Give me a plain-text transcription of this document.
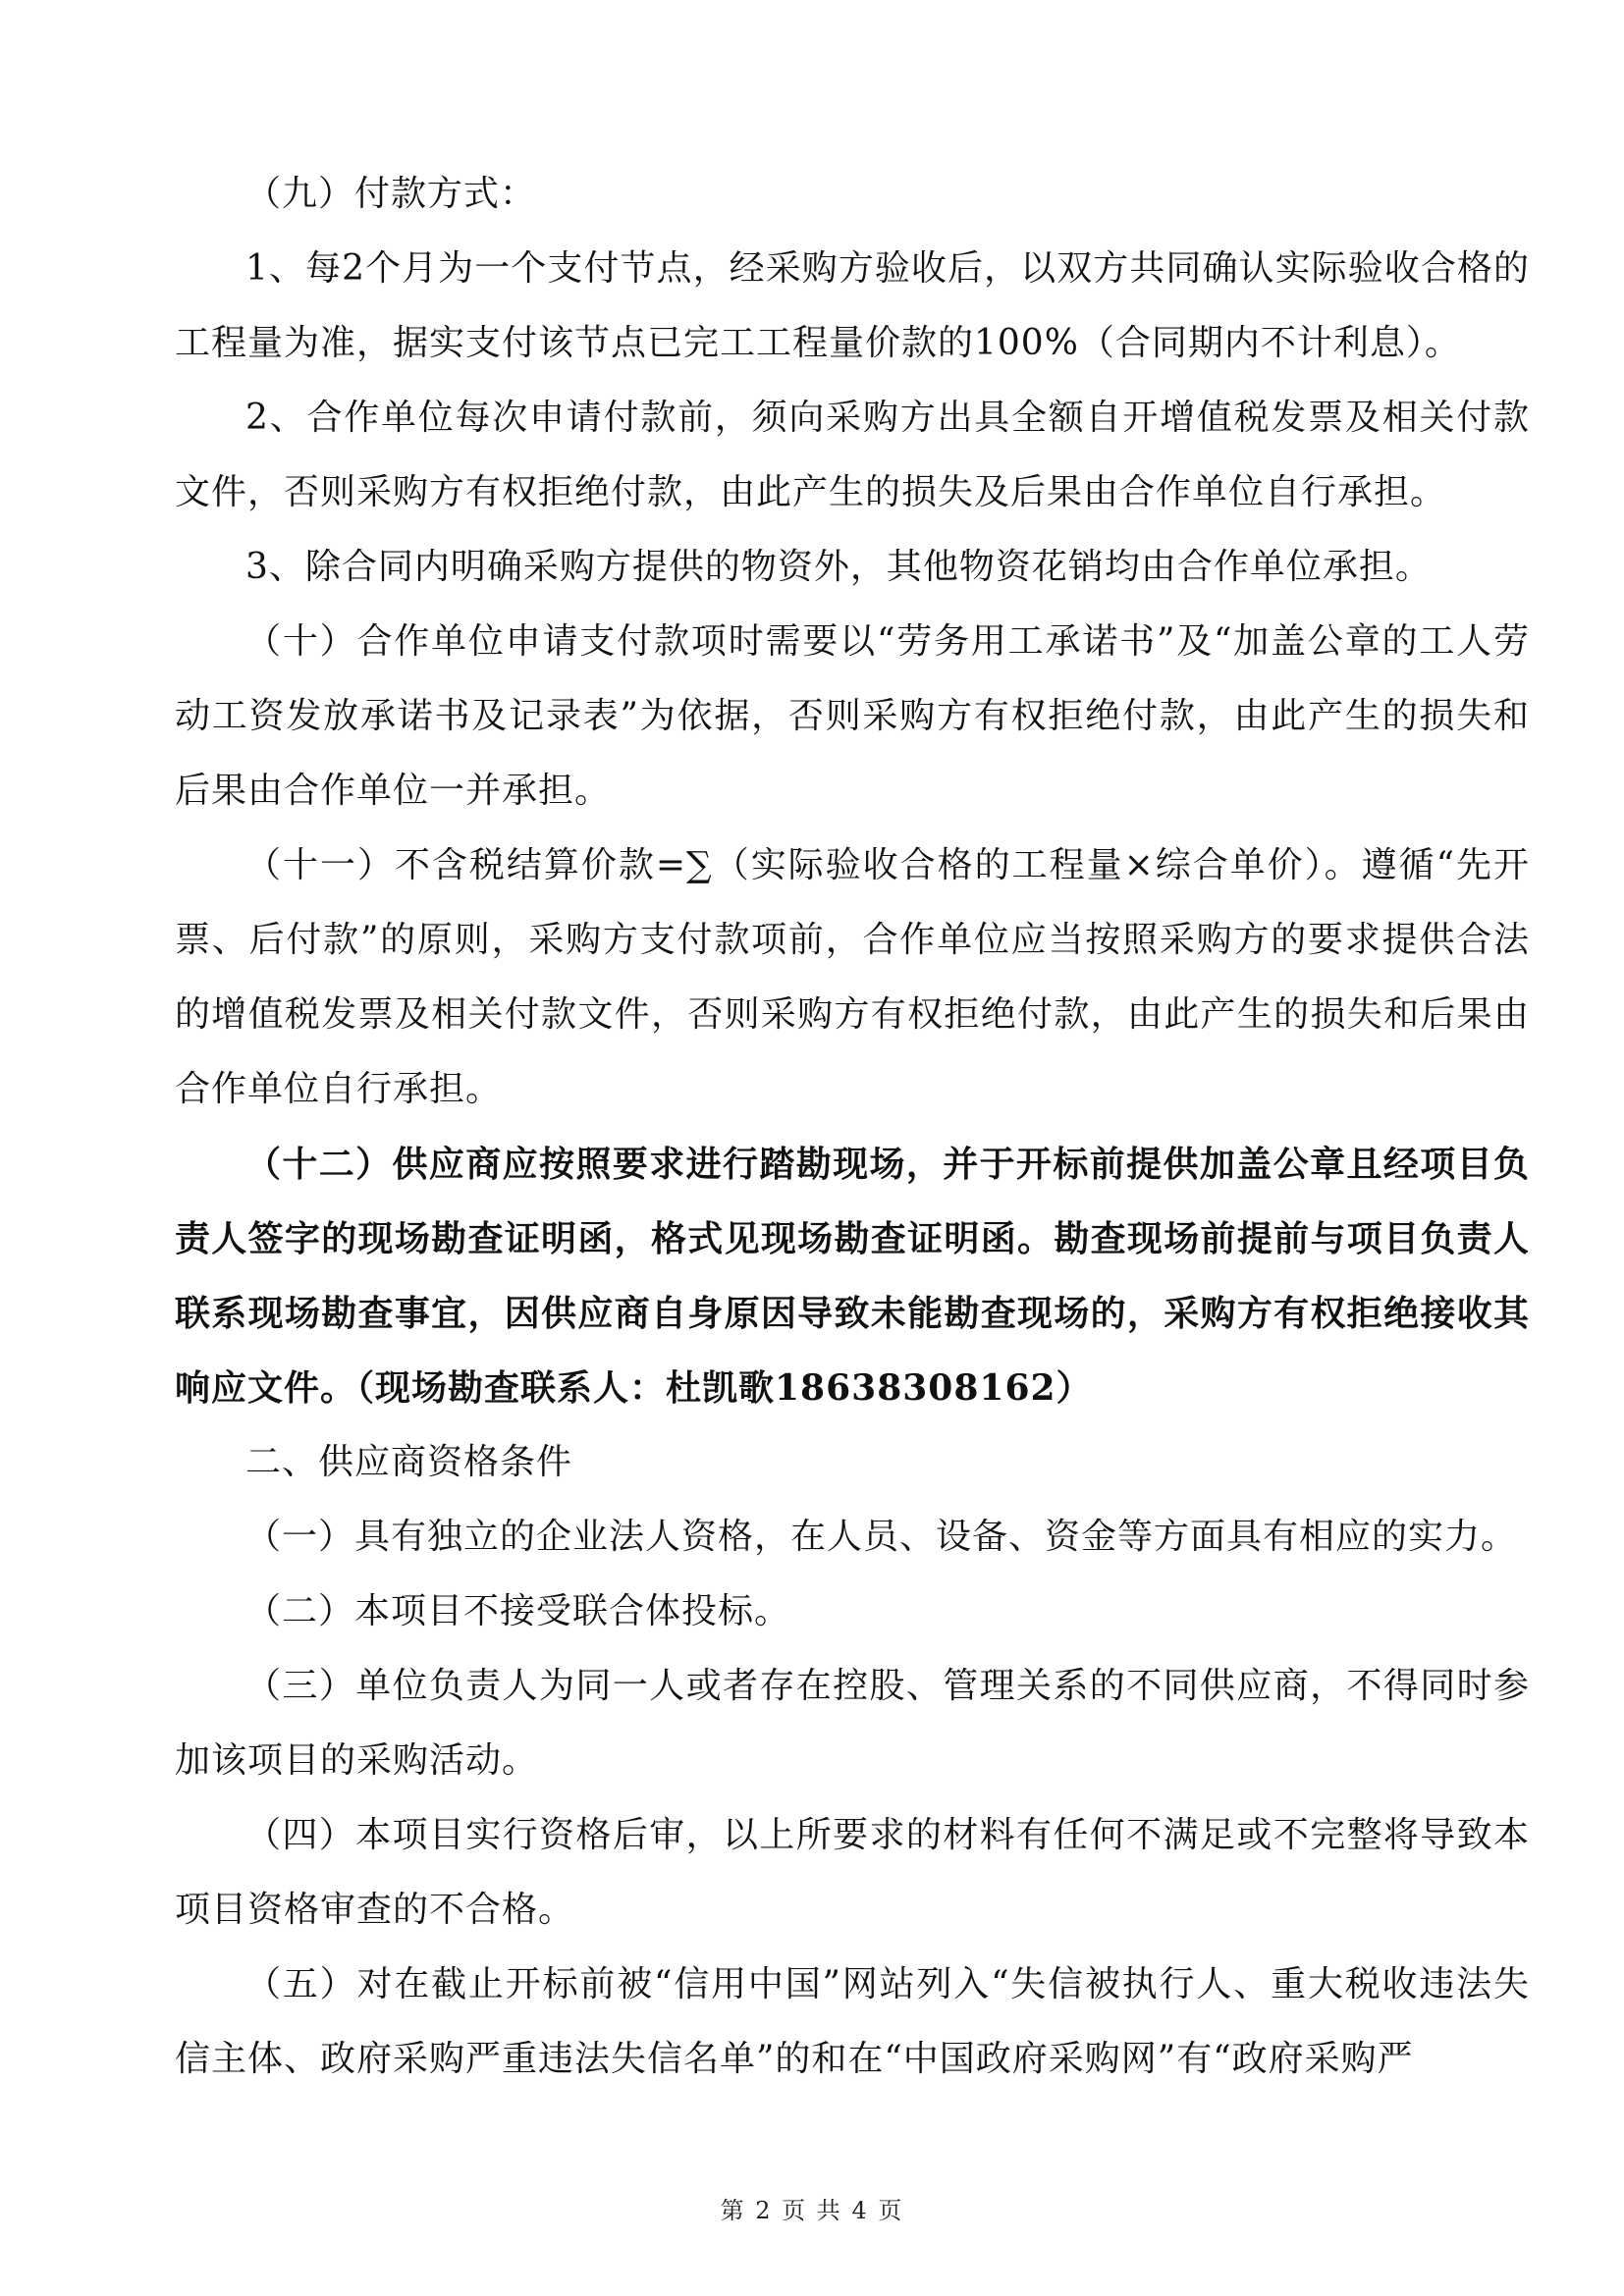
（九）付款方式：

1、每2个月为一个支付节点，经采购方验收后，以双方共同确认实际验收合格的工程量为准，据实支付该节点已完工工程量价款的100%（合同期内不计利息）。

2、合作单位每次申请付款前，须向采购方出具全额自开增值税发票及相关付款文件，否则采购方有权拒绝付款，由此产生的损失及后果由合作单位自行承担。

3、除合同内明确采购方提供的物资外，其他物资花销均由合作单位承担。

（十）合作单位申请支付款项时需要以“劳务用工承诺书”及“加盖公章的工人劳动工资发放承诺书及记录表”为依据，否则采购方有权拒绝付款，由此产生的损失和后果由合作单位一并承担。

（十一）不含税结算价款=∑（实际验收合格的工程量×综合单价）。遵循“先开票、后付款”的原则，采购方支付款项前，合作单位应当按照采购方的要求提供合法的增值税发票及相关付款文件，否则采购方有权拒绝付款，由此产生的损失和后果由合作单位自行承担。

（十二）供应商应按照要求进行踏勘现场，并于开标前提供加盖公章且经项目负责人签字的现场勘查证明函，格式见现场勘查证明函。勘查现场前提前与项目负责人联系现场勘查事宜，因供应商自身原因导致未能勘查现场的，采购方有权拒绝接收其响应文件。（现场勘查联系人：杜凯歌18638308162）

二、供应商资格条件

（一）具有独立的企业法人资格，在人员、设备、资金等方面具有相应的实力。

（二）本项目不接受联合体投标。

（三）单位负责人为同一人或者存在控股、管理关系的不同供应商，不得同时参加该项目的采购活动。

（四）本项目实行资格后审，以上所要求的材料有任何不满足或不完整将导致本项目资格审查的不合格。

（五）对在截止开标前被“信用中国”网站列入“失信被执行人、重大税收违法失信主体、政府采购严重违法失信名单”的和在“中国政府采购网”有“政府采购严

第 2 页 共 4 页
